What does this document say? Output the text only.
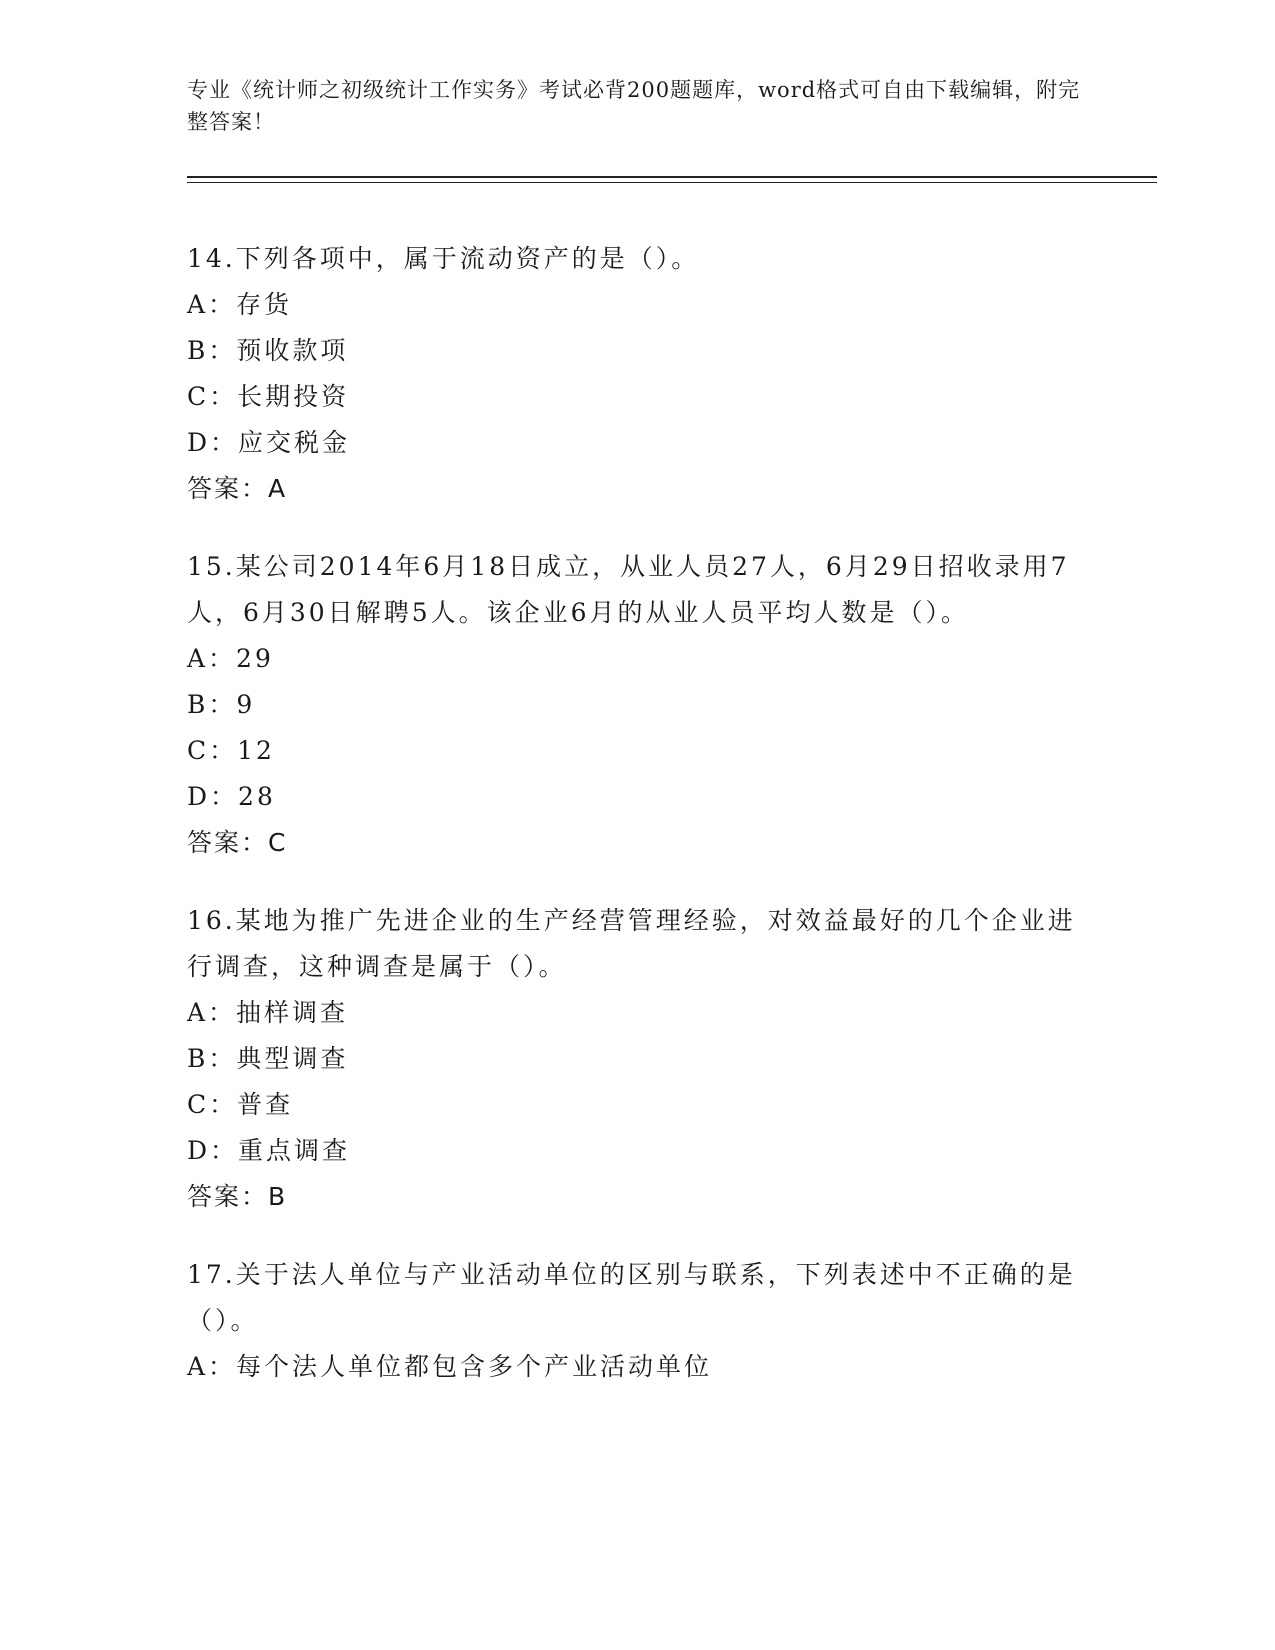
专业《统计师之初级统计工作实务》考试必背200题题库，word格式可自由下载编辑，附完整答案！
14.下列各项中，属于流动资产的是（）。
A：存货
B：预收款项
C：长期投资
D：应交税金
答案：A
15.某公司2014年6月18日成立，从业人员27人，6月29日招收录用7人，6月30日解聘5人。该企业6月的从业人员平均人数是（）。
A：29
B：9
C：12
D：28
答案：C
16.某地为推广先进企业的生产经营管理经验，对效益最好的几个企业进行调查，这种调查是属于（）。
A：抽样调查
B：典型调查
C：普查
D：重点调查
答案：B
17.关于法人单位与产业活动单位的区别与联系，下列表述中不正确的是（）。
A：每个法人单位都包含多个产业活动单位
